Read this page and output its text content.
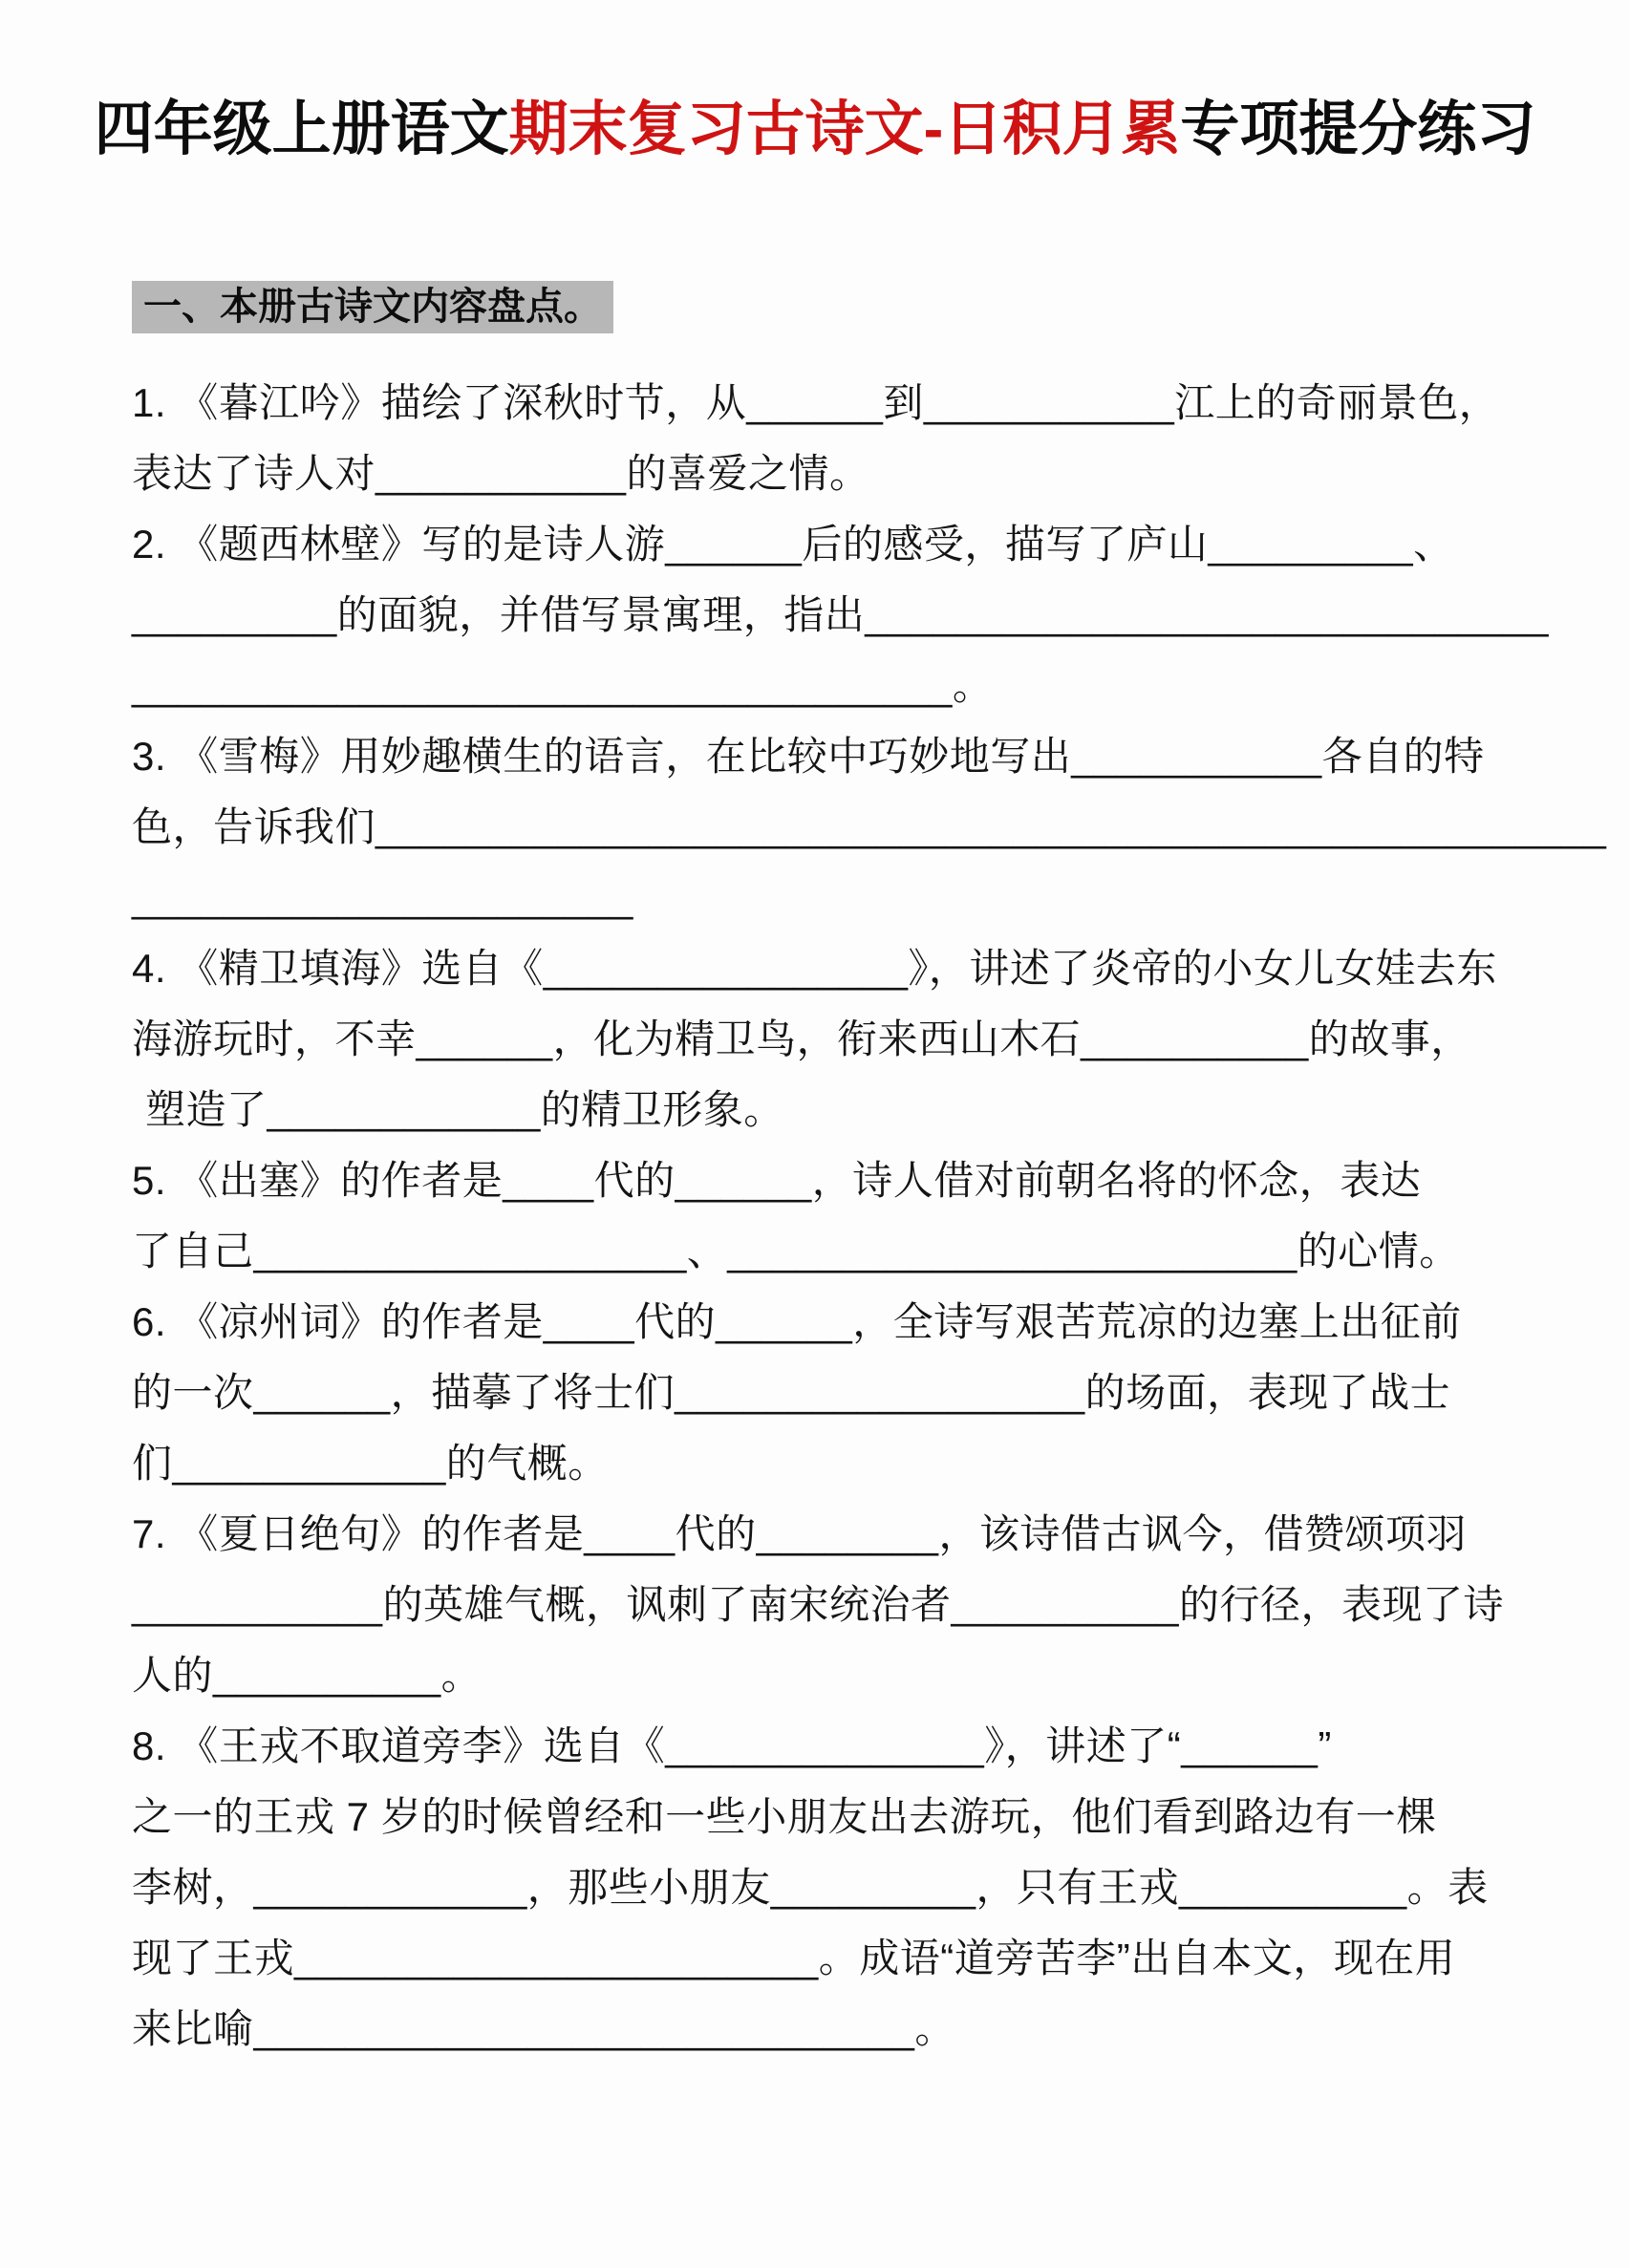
四年级上册语文期末复习古诗文-日积月累专项提分练习
一、本册古诗文内容盘点。
1. 《暮江吟》描绘了深秋时节，从______到___________江上的奇丽景色，
表达了诗人对___________的喜爱之情。
2. 《题西林壁》写的是诗人游______后的感受，描写了庐山_________、
_________的面貌，并借写景寓理，指出______________________________
____________________________________。
3. 《雪梅》用妙趣横生的语言，在比较中巧妙地写出___________各自的特
色，告诉我们______________________________________________________
______________________
4. 《精卫填海》选自《________________》，讲述了炎帝的小女儿女娃去东
海游玩时，不幸______，化为精卫鸟，衔来西山木石__________的故事，
塑造了____________的精卫形象。
5. 《出塞》的作者是____代的______，诗人借对前朝名将的怀念，表达
了自己___________________、_________________________的心情。
6. 《凉州词》的作者是____代的______，全诗写艰苦荒凉的边塞上出征前
的一次______，描摹了将士们__________________的场面，表现了战士
们____________的气概。
7. 《夏日绝句》的作者是____代的________，该诗借古讽今，借赞颂项羽
___________的英雄气概，讽刺了南宋统治者__________的行径，表现了诗
人的__________。
8. 《王戎不取道旁李》选自《______________》，讲述了“______”
之一的王戎 7 岁的时候曾经和一些小朋友出去游玩，他们看到路边有一棵
李树，____________，那些小朋友_________，只有王戎__________。表
现了王戎_______________________。成语“道旁苦李”出自本文，现在用
来比喻_____________________________。
